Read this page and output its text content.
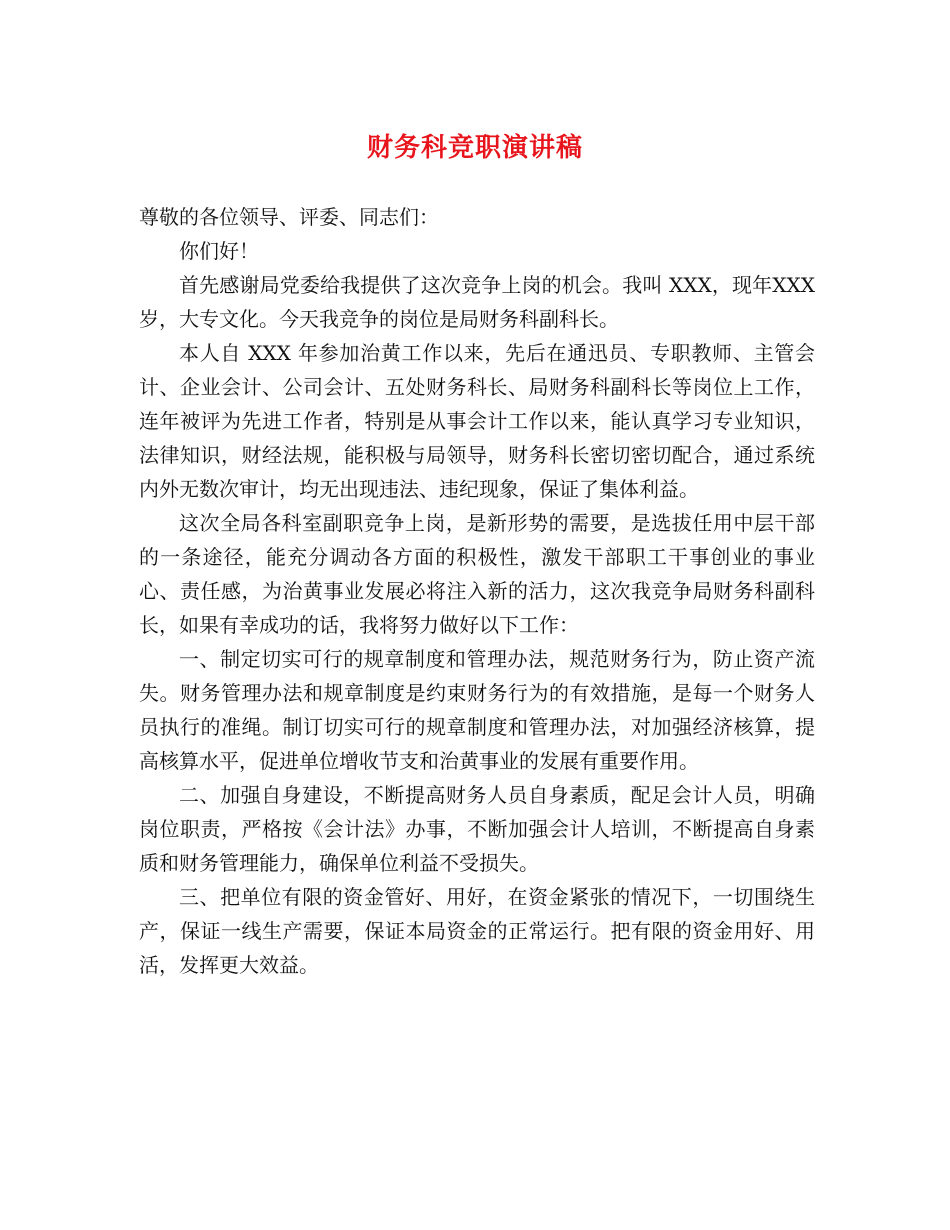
财务科竞职演讲稿

尊敬的各位领导、评委、同志们：

你们好！

首先感谢局党委给我提供了这次竞争上岗的机会。我叫 XXX，现年XXX 岁，大专文化。今天我竞争的岗位是局财务科副科长。

本人自 XXX 年参加治黄工作以来，先后在通迅员、专职教师、主管会计、企业会计、公司会计、五处财务科长、局财务科副科长等岗位上工作，连年被评为先进工作者，特别是从事会计工作以来，能认真学习专业知识，法律知识，财经法规，能积极与局领导，财务科长密切密切配合，通过系统内外无数次审计，均无出现违法、违纪现象，保证了集体利益。

这次全局各科室副职竞争上岗，是新形势的需要，是选拔任用中层干部的一条途径，能充分调动各方面的积极性，激发干部职工干事创业的事业心、责任感，为治黄事业发展必将注入新的活力，这次我竞争局财务科副科长，如果有幸成功的话，我将努力做好以下工作：

一、制定切实可行的规章制度和管理办法，规范财务行为，防止资产流失。财务管理办法和规章制度是约束财务行为的有效措施，是每一个财务人员执行的准绳。制订切实可行的规章制度和管理办法，对加强经济核算，提高核算水平，促进单位增收节支和治黄事业的发展有重要作用。

二、加强自身建设，不断提高财务人员自身素质，配足会计人员，明确岗位职责，严格按《会计法》办事，不断加强会计人培训，不断提高自身素质和财务管理能力，确保单位利益不受损失。

三、把单位有限的资金管好、用好，在资金紧张的情况下，一切围绕生产，保证一线生产需要，保证本局资金的正常运行。把有限的资金用好、用活，发挥更大效益。
